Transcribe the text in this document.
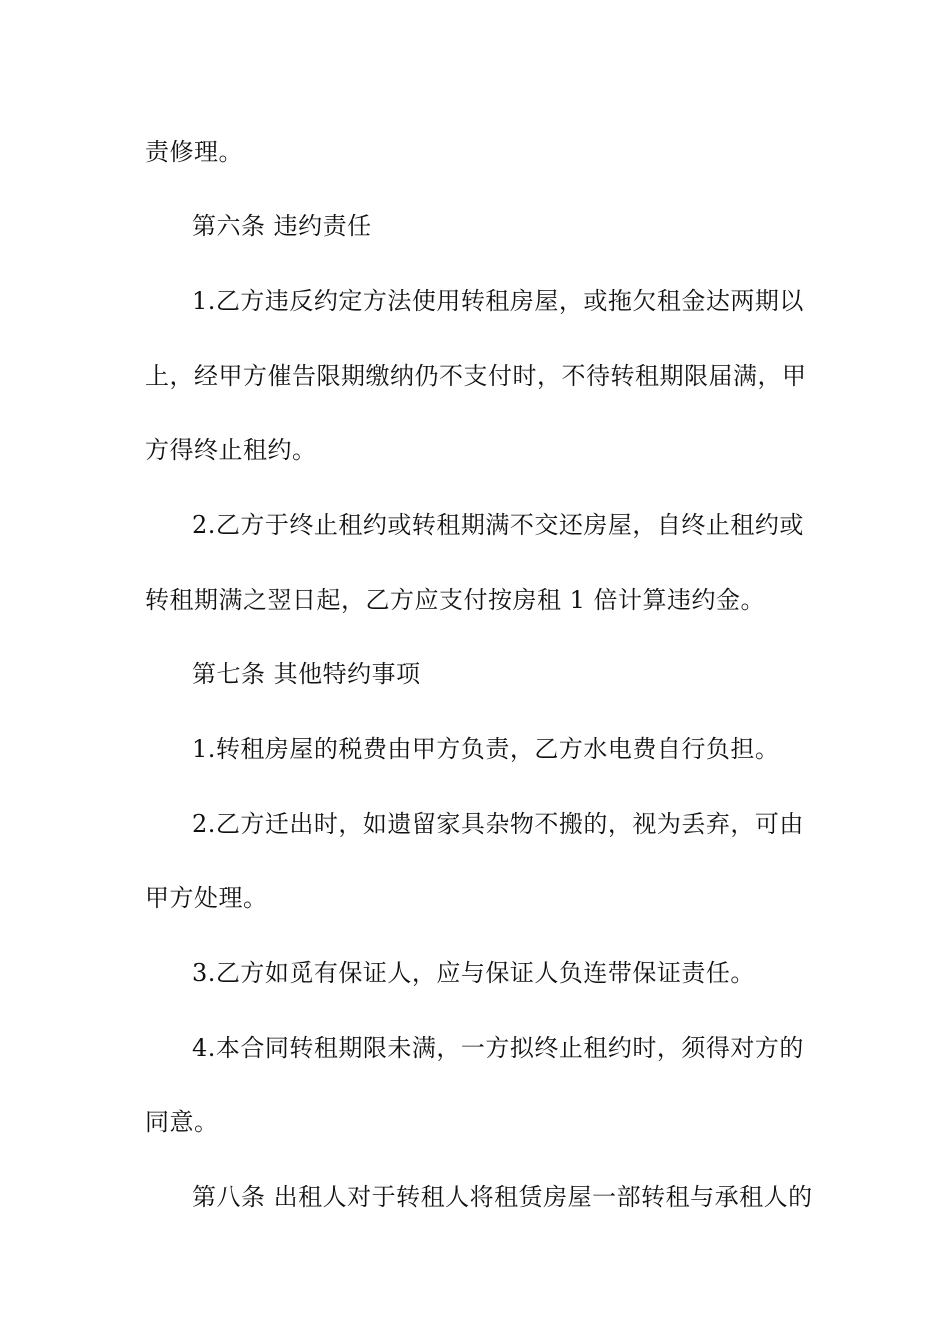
责修理。
第六条 违约责任
1.乙方违反约定方法使用转租房屋，或拖欠租金达两期以
上，经甲方催告限期缴纳仍不支付时，不待转租期限届满，甲
方得终止租约。
2.乙方于终止租约或转租期满不交还房屋，自终止租约或
转租期满之翌日起，乙方应支付按房租 1 倍计算违约金。
第七条 其他特约事项
1.转租房屋的税费由甲方负责，乙方水电费自行负担。
2.乙方迁出时，如遗留家具杂物不搬的，视为丢弃，可由
甲方处理。
3.乙方如觅有保证人，应与保证人负连带保证责任。
4.本合同转租期限未满，一方拟终止租约时，须得对方的
同意。
第八条 出租人对于转租人将租赁房屋一部转租与承租人的
